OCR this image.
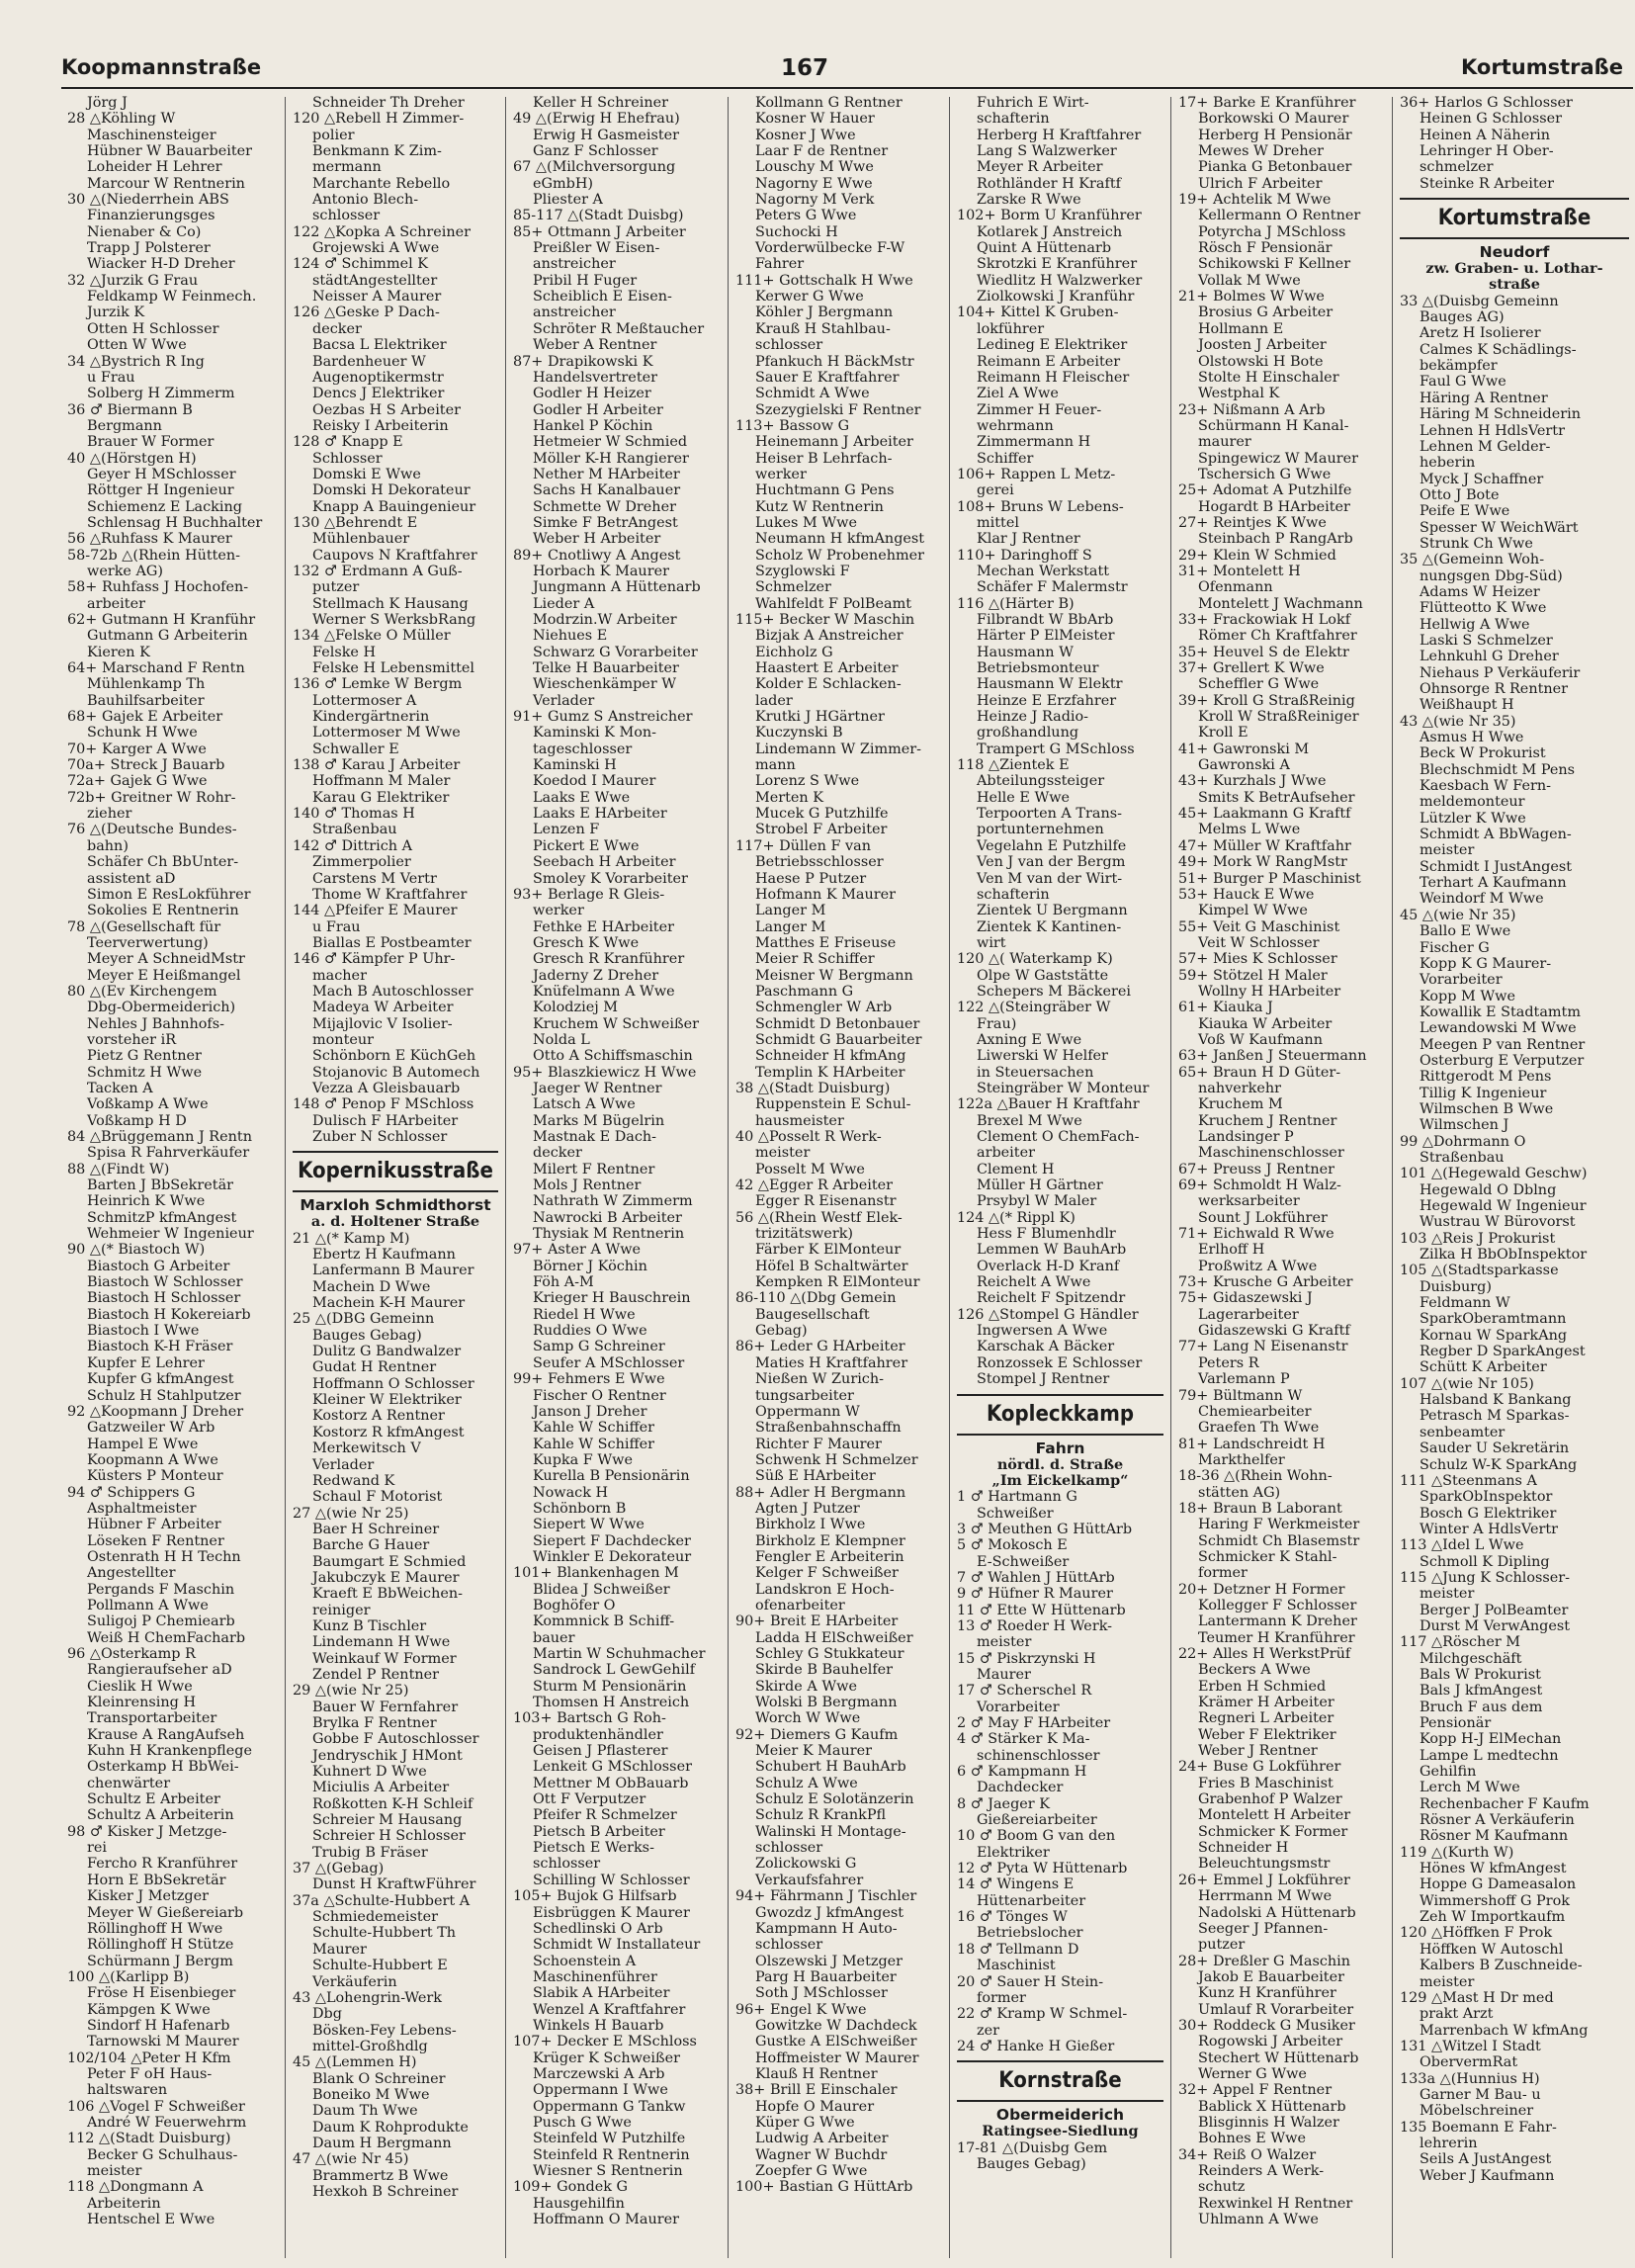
Koopmannstraße	167	Kortumstraße
Jörg J
28 △Köhling W
Maschinensteiger
Hübner W Bauarbeiter
Loheider H Lehrer
Marcour W Rentnerin
30 △(Niederrhein ABS
Finanzierungsges
Nienaber & Co)
Trapp J Polsterer
Wiacker H-D Dreher
32 △Jurzik G Frau
Feldkamp W Feinmech.
Jurzik K
Otten H Schlosser
Otten W Wwe
34 △Bystrich R Ing
u Frau
Solberg H Zimmerm
36 ♂ Biermann B
Bergmann
Brauer W Former
40 △(Hörstgen H)
Geyer H MSchlosser
Röttger H Ingenieur
Schiemenz E Lacking
Schlensag H Buchhalter
56 △Ruhfass K Maurer
58-72b △(Rhein Hütten-
werke AG)
58+ Ruhfass J Hochofen-
arbeiter
62+ Gutmann H Kranführ
Gutmann G Arbeiterin
Kieren K
64+ Marschand F Rentn
Mühlenkamp Th
Bauhilfsarbeiter
68+ Gajek E Arbeiter
Schunk H Wwe
70+ Karger A Wwe
70a+ Streck J Bauarb
72a+ Gajek G Wwe
72b+ Greitner W Rohr-
zieher
76 △(Deutsche Bundes-
bahn)
Schäfer Ch BbUnter-
assistent aD
Simon E ResLokführer
Sokolies E Rentnerin
78 △(Gesellschaft für
Teerverwertung)
Meyer A SchneidMstr
Meyer E Heißmangel
80 △(Ev Kirchengem
Dbg-Obermeiderich)
Nehles J Bahnhofs-
vorsteher iR
Pietz G Rentner
Schmitz H Wwe
Tacken A
Voßkamp A Wwe
Voßkamp H D
84 △Brüggemann J Rentn
Spisa R Fahrverkäufer
88 △(Findt W)
Barten J BbSekretär
Heinrich K Wwe
SchmitzP kfmAngest
Wehmeier W Ingenieur
90 △(* Biastoch W)
Biastoch G Arbeiter
Biastoch W Schlosser
Biastoch H Schlosser
Biastoch H Kokereiarb
Biastoch I Wwe
Biastoch K-H Fräser
Kupfer E Lehrer
Kupfer G kfmAngest
Schulz H Stahlputzer
92 △Koopmann J Dreher
Gatzweiler W Arb
Hampel E Wwe
Koopmann A Wwe
Küsters P Monteur
94 ♂ Schippers G
Asphaltmeister
Hübner F Arbeiter
Löseken F Rentner
Ostenrath H H Techn
Angestellter
Pergands F Maschin
Pollmann A Wwe
Suligoj P Chemiearb
Weiß H ChemFacharb
96 △Osterkamp R
Rangieraufseher aD
Cieslik H Wwe
Kleinrensing H
Transportarbeiter
Krause A RangAufseh
Kuhn H Krankenpflege
Osterkamp H BbWei-
chenwärter
Schultz E Arbeiter
Schultz A Arbeiterin
98 ♂ Kisker J Metzge-
rei
Fercho R Kranführer
Horn E BbSekretär
Kisker J Metzger
Meyer W Gießereiarb
Röllinghoff H Wwe
Röllinghoff H Stütze
Schürmann J Bergm
100 △(Karlipp B)
Fröse H Eisenbieger
Kämpgen K Wwe
Sindorf H Hafenarb
Tarnowski M Maurer
102/104 △Peter H Kfm
Peter F oH Haus-
haltswaren
106 △Vogel F Schweißer
André W Feuerwehrm
112 △(Stadt Duisburg)
Becker G Schulhaus-
meister
118 △Dongmann A
Arbeiterin
Hentschel E Wwe
Schneider Th Dreher
120 △Rebell H Zimmer-
polier
Benkmann K Zim-
mermann
Marchante Rebello
Antonio Blech-
schlosser
122 △Kopka A Schreiner
Grojewski A Wwe
124 ♂ Schimmel K
städtAngestellter
Neisser A Maurer
126 △Geske P Dach-
decker
Bacsa L Elektriker
Bardenheuer W
Augenoptikermstr
Dencs J Elektriker
Oezbas H S Arbeiter
Reisky I Arbeiterin
128 ♂ Knapp E
Schlosser
Domski E Wwe
Domski H Dekorateur
Knapp A Bauingenieur
130 △Behrendt E
Mühlenbauer
Caupovs N Kraftfahrer
132 ♂ Erdmann A Guß-
putzer
Stellmach K Hausang
Werner S WerksbRang
134 △Felske O Müller
Felske H
Felske H Lebensmittel
136 ♂ Lemke W Bergm
Lottermoser A
Kindergärtnerin
Lottermoser M Wwe
Schwaller E
138 ♂ Karau J Arbeiter
Hoffmann M Maler
Karau G Elektriker
140 ♂ Thomas H
Straßenbau
142 ♂ Dittrich A
Zimmerpolier
Carstens M Vertr
Thome W Kraftfahrer
144 △Pfeifer E Maurer
u Frau
Biallas E Postbeamter
146 ♂ Kämpfer P Uhr-
macher
Mach B Autoschlosser
Madeya W Arbeiter
Mijajlovic V Isolier-
monteur
Schönborn E KüchGeh
Stojanovic B Automech
Vezza A Gleisbauarb
148 ♂ Penop F MSchloss
Dulisch F HArbeiter
Zuber N Schlosser
Kopernikusstraße
Marxloh Schmidthorst
a. d. Holtener Straße
21 △(* Kamp M)
Ebertz H Kaufmann
Lanfermann B Maurer
Machein D Wwe
Machein K-H Maurer
25 △(DBG Gemeinn
Bauges Gebag)
Dulitz G Bandwalzer
Gudat H Rentner
Hoffmann O Schlosser
Kleiner W Elektriker
Kostorz A Rentner
Kostorz R kfmAngest
Merkewitsch V
Verlader
Redwand K
Schaul F Motorist
27 △(wie Nr 25)
Baer H Schreiner
Barche G Hauer
Baumgart E Schmied
Jakubczyk E Maurer
Kraeft E BbWeichen-
reiniger
Kunz B Tischler
Lindemann H Wwe
Weinkauf W Former
Zendel P Rentner
29 △(wie Nr 25)
Bauer W Fernfahrer
Brylka F Rentner
Gobbe F Autoschlosser
Jendryschik J HMont
Kuhnert D Wwe
Miciulis A Arbeiter
Roßkotten K-H Schleif
Schreier M Hausang
Schreier H Schlosser
Trubig B Fräser
37 △(Gebag)
Dunst H KraftwFührer
37a △Schulte-Hubbert A
Schmiedemeister
Schulte-Hubbert Th
Maurer
Schulte-Hubbert E
Verkäuferin
43 △Lohengrin-Werk
Dbg
Bösken-Fey Lebens-
mittel-Großhdlg
45 △(Lemmen H)
Blank O Schreiner
Boneiko M Wwe
Daum Th Wwe
Daum K Rohprodukte
Daum H Bergmann
47 △(wie Nr 45)
Brammertz B Wwe
Hexkoh B Schreiner
Keller H Schreiner
49 △(Erwig H Ehefrau)
Erwig H Gasmeister
Ganz F Schlosser
67 △(Milchversorgung
eGmbH)
Pliester A
85-117 △(Stadt Duisbg)
85+ Ottmann J Arbeiter
Preißler W Eisen-
anstreicher
Pribil H Fuger
Scheiblich E Eisen-
anstreicher
Schröter R Meßtaucher
Weber A Rentner
87+ Drapikowski K
Handelsvertreter
Godler H Heizer
Godler H Arbeiter
Hankel P Köchin
Hetmeier W Schmied
Möller K-H Rangierer
Nether M HArbeiter
Sachs H Kanalbauer
Schmette W Dreher
Simke F BetrAngest
Weber H Arbeiter
89+ Cnotliwy A Angest
Horbach K Maurer
Jungmann A Hüttenarb
Lieder A
Modrzin.W Arbeiter
Niehues E
Schwarz G Vorarbeiter
Telke H Bauarbeiter
Wieschenkämper W
Verlader
91+ Gumz S Anstreicher
Kaminski K Mon-
tageschlosser
Kaminski H
Koedod I Maurer
Laaks E Wwe
Laaks E HArbeiter
Lenzen F
Pickert E Wwe
Seebach H Arbeiter
Smoley K Vorarbeiter
93+ Berlage R Gleis-
werker
Fethke E HArbeiter
Gresch K Wwe
Gresch R Kranführer
Jaderny Z Dreher
Knüfelmann A Wwe
Kolodziej M
Kruchem W Schweißer
Nolda L
Otto A Schiffsmaschin
95+ Blaszkiewicz H Wwe
Jaeger W Rentner
Latsch A Wwe
Marks M Bügelrin
Mastnak E Dach-
decker
Milert F Rentner
Mols J Rentner
Nathrath W Zimmerm
Nawrocki B Arbeiter
Thysiak M Rentnerin
97+ Aster A Wwe
Börner J Köchin
Föh A-M
Krieger H Bauschrein
Riedel H Wwe
Ruddies O Wwe
Samp G Schreiner
Seufer A MSchlosser
99+ Fehmers E Wwe
Fischer O Rentner
Janson J Dreher
Kahle W Schiffer
Kahle W Schiffer
Kupka F Wwe
Kurella B Pensionärin
Nowack H
Schönborn B
Siepert W Wwe
Siepert F Dachdecker
Winkler E Dekorateur
101+ Blankenhagen M
Blidea J Schweißer
Boghöfer O
Kommnick B Schiff-
bauer
Martin W Schuhmacher
Sandrock L GewGehilf
Sturm M Pensionärin
Thomsen H Anstreich
103+ Bartsch G Roh-
produktenhändler
Geisen J Pflasterer
Lenkeit G MSchlosser
Mettner M ObBauarb
Ott F Verputzer
Pfeifer R Schmelzer
Pietsch B Arbeiter
Pietsch E Werks-
schlosser
Schilling W Schlosser
105+ Bujok G Hilfsarb
Eisbrüggen K Maurer
Schedlinski O Arb
Schmidt W Installateur
Schoenstein A
Maschinenführer
Slabik A HArbeiter
Wenzel A Kraftfahrer
Winkels H Bauarb
107+ Decker E MSchloss
Krüger K Schweißer
Marczewski A Arb
Oppermann I Wwe
Oppermann G Tankw
Pusch G Wwe
Steinfeld W Putzhilfe
Steinfeld R Rentnerin
Wiesner S Rentnerin
109+ Gondek G
Hausgehilfin
Hoffmann O Maurer
Kollmann G Rentner
Kosner W Hauer
Kosner J Wwe
Laar F de Rentner
Louschy M Wwe
Nagorny E Wwe
Nagorny M Verk
Peters G Wwe
Suchocki H
Vorderwülbecke F-W
Fahrer
111+ Gottschalk H Wwe
Kerwer G Wwe
Köhler J Bergmann
Krauß H Stahlbau-
schlosser
Pfankuch H BäckMstr
Sauer E Kraftfahrer
Schmidt A Wwe
Szezygielski F Rentner
113+ Bassow G
Heinemann J Arbeiter
Heiser B Lehrfach-
werker
Huchtmann G Pens
Kutz W Rentnerin
Lukes M Wwe
Neumann H kfmAngest
Scholz W Probenehmer
Szyglowski F
Schmelzer
Wahlfeldt F PolBeamt
115+ Becker W Maschin
Bizjak A Anstreicher
Eichholz G
Haastert E Arbeiter
Kolder E Schlacken-
lader
Krutki J HGärtner
Kuczynski B
Lindemann W Zimmer-
mann
Lorenz S Wwe
Merten K
Mucek G Putzhilfe
Strobel F Arbeiter
117+ Düllen F van
Betriebsschlosser
Haese P Putzer
Hofmann K Maurer
Langer M
Langer M
Matthes E Friseuse
Meier R Schiffer
Meisner W Bergmann
Paschmann G
Schmengler W Arb
Schmidt D Betonbauer
Schmidt G Bauarbeiter
Schneider H kfmAng
Templin K HArbeiter
38 △(Stadt Duisburg)
Ruppenstein E Schul-
hausmeister
40 △Posselt R Werk-
meister
Posselt M Wwe
42 △Egger R Arbeiter
Egger R Eisenanstr
56 △(Rhein Westf Elek-
trizitätswerk)
Färber K ElMonteur
Höfel B Schaltwärter
Kempken R ElMonteur
86-110 △(Dbg Gemein
Baugesellschaft
Gebag)
86+ Leder G HArbeiter
Maties H Kraftfahrer
Nießen W Zurich-
tungsarbeiter
Oppermann W
Straßenbahnschaffn
Richter F Maurer
Schwenk H Schmelzer
Süß E HArbeiter
88+ Adler H Bergmann
Agten J Putzer
Birkholz I Wwe
Birkholz E Klempner
Fengler E Arbeiterin
Kelger F Schweißer
Landskron E Hoch-
ofenarbeiter
90+ Breit E HArbeiter
Ladda H ElSchweißer
Schley G Stukkateur
Skirde B Bauhelfer
Skirde A Wwe
Wolski B Bergmann
Worch W Wwe
92+ Diemers G Kaufm
Meier K Maurer
Schubert H BauhArb
Schulz A Wwe
Schulz E Solotänzerin
Schulz R KrankPfl
Walinski H Montage-
schlosser
Zolickowski G
Verkaufsfahrer
94+ Fährmann J Tischler
Gwozdz J kfmAngest
Kampmann H Auto-
schlosser
Olszewski J Metzger
Parg H Bauarbeiter
Soth J MSchlosser
96+ Engel K Wwe
Gowitzke W Dachdeck
Gustke A ElSchweißer
Hoffmeister W Maurer
Klauß H Rentner
38+ Brill E Einschaler
Hopfe O Maurer
Küper G Wwe
Ludwig A Arbeiter
Wagner W Buchdr
Zoepfer G Wwe
100+ Bastian G HüttArb
Fuhrich E Wirt-
schafterin
Herberg H Kraftfahrer
Lang S Walzwerker
Meyer R Arbeiter
Rothländer H Kraftf
Zarske R Wwe
102+ Borm U Kranführer
Kotlarek J Anstreich
Quint A Hüttenarb
Skrotzki E Kranführer
Wiedlitz H Walzwerker
Ziolkowski J Kranführ
104+ Kittel K Gruben-
lokführer
Ledineg E Elektriker
Reimann E Arbeiter
Reimann H Fleischer
Ziel A Wwe
Zimmer H Feuer-
wehrmann
Zimmermann H
Schiffer
106+ Rappen L Metz-
gerei
108+ Bruns W Lebens-
mittel
Klar J Rentner
110+ Daringhoff S
Mechan Werkstatt
Schäfer F Malermstr
116 △(Härter B)
Filbrandt W BbArb
Härter P ElMeister
Hausmann W
Betriebsmonteur
Hausmann W Elektr
Heinze E Erzfahrer
Heinze J Radio-
großhandlung
Trampert G MSchloss
118 △Zientek E
Abteilungssteiger
Helle E Wwe
Terpoorten A Trans-
portunternehmen
Vegelahn E Putzhilfe
Ven J van der Bergm
Ven M van der Wirt-
schafterin
Zientek U Bergmann
Zientek K Kantinen-
wirt
120 △( Waterkamp K)
Olpe W Gaststätte
Schepers M Bäckerei
122 △(Steingräber W
Frau)
Axning E Wwe
Liwerski W Helfer
in Steuersachen
Steingräber W Monteur
122a △Bauer H Kraftfahr
Brexel M Wwe
Clement O ChemFach-
arbeiter
Clement H
Müller H Gärtner
Prsybyl W Maler
124 △(* Rippl K)
Hess F Blumenhdlr
Lemmen W BauhArb
Overlack H-D Kranf
Reichelt A Wwe
Reichelt F Spitzendr
126 △Stompel G Händler
Ingwersen A Wwe
Karschak A Bäcker
Ronzossek E Schlosser
Stompel J Rentner
Kopleckkamp
Fahrn
nördl. d. Straße
„Im Eickelkamp“
1 ♂ Hartmann G
Schweißer
3 ♂ Meuthen G HüttArb
5 ♂ Mokosch E
E-Schweißer
7 ♂ Wahlen J HüttArb
9 ♂ Hüfner R Maurer
11 ♂ Ette W Hüttenarb
13 ♂ Roeder H Werk-
meister
15 ♂ Piskrzynski H
Maurer
17 ♂ Scherschel R
Vorarbeiter
2 ♂ May F HArbeiter
4 ♂ Stärker K Ma-
schinenschlosser
6 ♂ Kampmann H
Dachdecker
8 ♂ Jaeger K
Gießereiarbeiter
10 ♂ Boom G van den
Elektriker
12 ♂ Pyta W Hüttenarb
14 ♂ Wingens E
Hüttenarbeiter
16 ♂ Tönges W
Betriebslocher
18 ♂ Tellmann D
Maschinist
20 ♂ Sauer H Stein-
former
22 ♂ Kramp W Schmel-
zer
24 ♂ Hanke H Gießer
Kornstraße
Obermeiderich
Ratingsee-Siedlung
17-81 △(Duisbg Gem
Bauges Gebag)
17+ Barke E Kranführer
Borkowski O Maurer
Herberg H Pensionär
Mewes W Dreher
Pianka G Betonbauer
Ulrich F Arbeiter
19+ Achtelik M Wwe
Kellermann O Rentner
Potyrcha J MSchloss
Rösch F Pensionär
Schikowski F Kellner
Vollak M Wwe
21+ Bolmes W Wwe
Brosius G Arbeiter
Hollmann E
Joosten J Arbeiter
Olstowski H Bote
Stolte H Einschaler
Westphal K
23+ Nißmann A Arb
Schürmann H Kanal-
maurer
Spingewicz W Maurer
Tschersich G Wwe
25+ Adomat A Putzhilfe
Hogardt B HArbeiter
27+ Reintjes K Wwe
Steinbach P RangArb
29+ Klein W Schmied
31+ Montelett H
Ofenmann
Montelett J Wachmann
33+ Frackowiak H Lokf
Römer Ch Kraftfahrer
35+ Heuvel S de Elektr
37+ Grellert K Wwe
Scheffler G Wwe
39+ Kroll G StraßReinig
Kroll W StraßReiniger
Kroll E
41+ Gawronski M
Gawronski A
43+ Kurzhals J Wwe
Smits K BetrAufseher
45+ Laakmann G Kraftf
Melms L Wwe
47+ Müller W Kraftfahr
49+ Mork W RangMstr
51+ Burger P Maschinist
53+ Hauck E Wwe
Kimpel W Wwe
55+ Veit G Maschinist
Veit W Schlosser
57+ Mies K Schlosser
59+ Stötzel H Maler
Wollny H HArbeiter
61+ Kiauka J
Kiauka W Arbeiter
Voß W Kaufmann
63+ Janßen J Steuermann
65+ Braun H D Güter-
nahverkehr
Kruchem M
Kruchem J Rentner
Landsinger P
Maschinenschlosser
67+ Preuss J Rentner
69+ Schmoldt H Walz-
werksarbeiter
Sount J Lokführer
71+ Eichwald R Wwe
Erlhoff H
Proßwitz A Wwe
73+ Krusche G Arbeiter
75+ Gidaszewski J
Lagerarbeiter
Gidaszewski G Kraftf
77+ Lang N Eisenanstr
Peters R
Varlemann P
79+ Bültmann W
Chemiearbeiter
Graefen Th Wwe
81+ Landschreidt H
Markthelfer
18-36 △(Rhein Wohn-
stätten AG)
18+ Braun B Laborant
Haring F Werkmeister
Schmidt Ch Blasemstr
Schmicker K Stahl-
former
20+ Detzner H Former
Kollegger F Schlosser
Lantermann K Dreher
Teumer H Kranführer
22+ Alles H WerkstPrüf
Beckers A Wwe
Erben H Schmied
Krämer H Arbeiter
Regneri L Arbeiter
Weber F Elektriker
Weber J Rentner
24+ Buse G Lokführer
Fries B Maschinist
Grabenhof P Walzer
Montelett H Arbeiter
Schmicker K Former
Schneider H
Beleuchtungsmstr
26+ Emmel J Lokführer
Herrmann M Wwe
Nadolski A Hüttenarb
Seeger J Pfannen-
putzer
28+ Dreßler G Maschin
Jakob E Bauarbeiter
Kunz H Kranführer
Umlauf R Vorarbeiter
30+ Roddeck G Musiker
Rogowski J Arbeiter
Stechert W Hüttenarb
Werner G Wwe
32+ Appel F Rentner
Bablick X Hüttenarb
Blisginnis H Walzer
Bohnes E Wwe
34+ Reiß O Walzer
Reinders A Werk-
schutz
Rexwinkel H Rentner
Uhlmann A Wwe
36+ Harlos G Schlosser
Heinen G Schlosser
Heinen A Näherin
Lehringer H Ober-
schmelzer
Steinke R Arbeiter
Kortumstraße
Neudorf
zw. Graben- u. Lothar-
straße
33 △(Duisbg Gemeinn
Bauges AG)
Aretz H Isolierer
Calmes K Schädlings-
bekämpfer
Faul G Wwe
Häring A Rentner
Häring M Schneiderin
Lehnen H HdlsVertr
Lehnen M Gelder-
heberin
Myck J Schaffner
Otto J Bote
Peife E Wwe
Spesser W WeichWärt
Strunk Ch Wwe
35 △(Gemeinn Woh-
nungsgen Dbg-Süd)
Adams W Heizer
Flütteotto K Wwe
Hellwig A Wwe
Laski S Schmelzer
Lehnkuhl G Dreher
Niehaus P Verkäuferir
Ohnsorge R Rentner
Weißhaupt H
43 △(wie Nr 35)
Asmus H Wwe
Beck W Prokurist
Blechschmidt M Pens
Kaesbach W Fern-
meldemonteur
Lützler K Wwe
Schmidt A BbWagen-
meister
Schmidt I JustAngest
Terhart A Kaufmann
Weindorf M Wwe
45 △(wie Nr 35)
Ballo E Wwe
Fischer G
Kopp K G Maurer-
Vorarbeiter
Kopp M Wwe
Kowallik E Stadtamtm
Lewandowski M Wwe
Meegen P van Rentner
Osterburg E Verputzer
Rittgerodt M Pens
Tillig K Ingenieur
Wilmschen B Wwe
Wilmschen J
99 △Dohrmann O
Straßenbau
101 △(Hegewald Geschw)
Hegewald O Dblng
Hegewald W Ingenieur
Wustrau W Bürovorst
103 △Reis J Prokurist
Zilka H BbObInspektor
105 △(Stadtsparkasse
Duisburg)
Feldmann W
SparkOberamtmann
Kornau W SparkAng
Regber D SparkAngest
Schütt K Arbeiter
107 △(wie Nr 105)
Halsband K Bankang
Petrasch M Sparkas-
senbeamter
Sauder U Sekretärin
Schulz W-K SparkAng
111 △Steenmans A
SparkObInspektor
Bosch G Elektriker
Winter A HdlsVertr
113 △Idel L Wwe
Schmoll K Dipling
115 △Jung K Schlosser-
meister
Berger J PolBeamter
Durst M VerwAngest
117 △Röscher M
Milchgeschäft
Bals W Prokurist
Bals J kfmAngest
Bruch F aus dem
Pensionär
Kopp H-J ElMechan
Lampe L medtechn
Gehilfin
Lerch M Wwe
Rechenbacher F Kaufm
Rösner A Verkäuferin
Rösner M Kaufmann
119 △(Kurth W)
Hönes W kfmAngest
Hoppe G Dameasalon
Wimmershoff G Prok
Zeh W Importkaufm
120 △Höffken F Prok
Höffken W Autoschl
Kalbers B Zuschneide-
meister
129 △Mast H Dr med
prakt Arzt
Marrenbach W kfmAng
131 △Witzel I Stadt
ObervermRat
133a △(Hunnius H)
Garner M Bau- u
Möbelschreiner
135 Boemann E Fahr-
lehrerin
Seils A JustAngest
Weber J Kaufmann
